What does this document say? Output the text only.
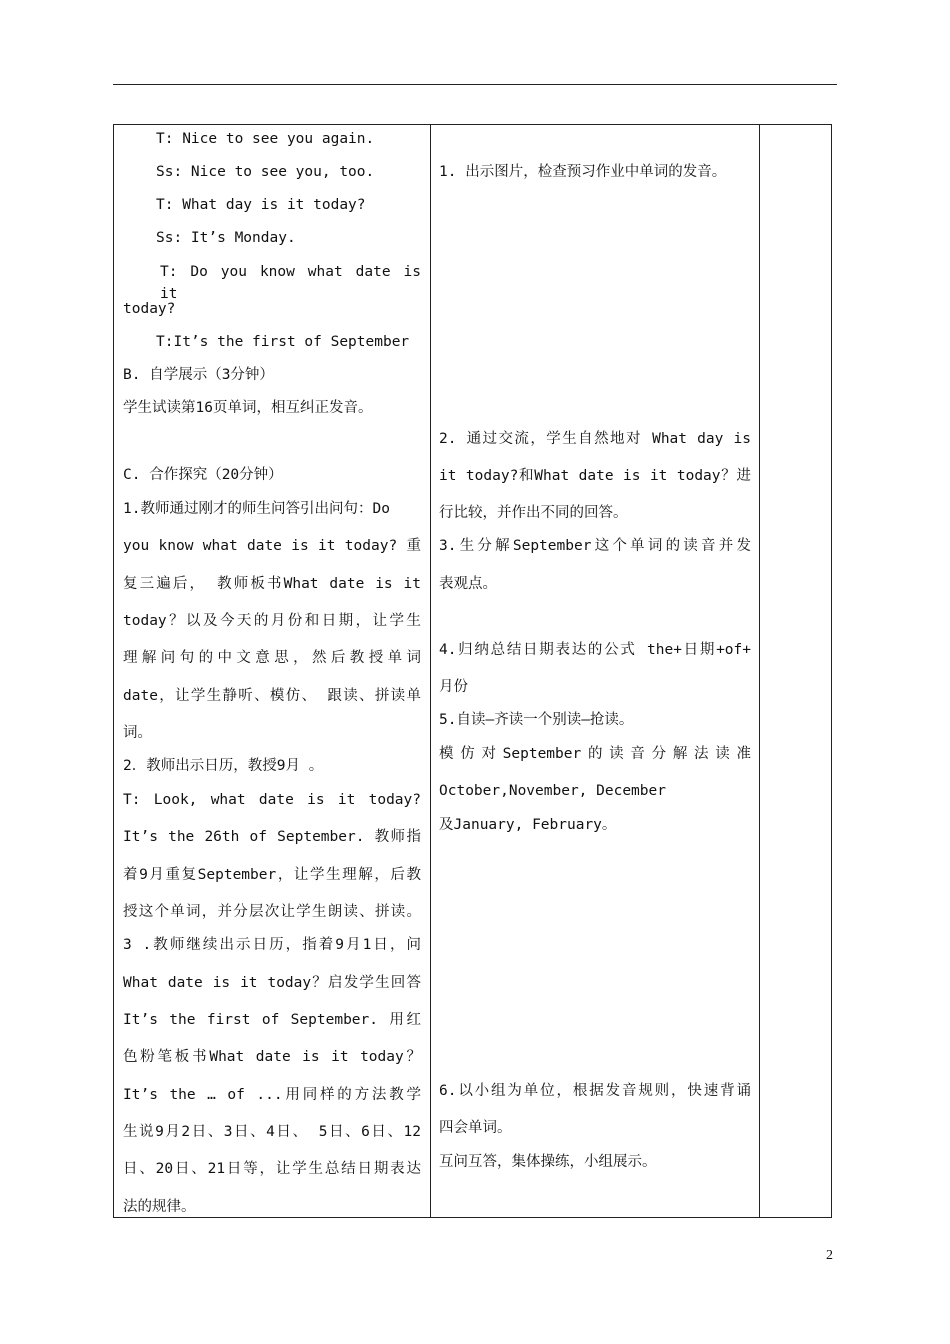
T: Nice to see you again.
Ss: Nice to see you, too.
T: What day is it today?
Ss: It’s Monday.
T: Do you know what date is it
today?
T:It’s the first of September
B. 自学展示（3分钟）
学生试读第16页单词，相互纠正发音。
C. 合作探究（20分钟）
1.教师通过刚才的师生问答引出问句：Do
you know what date is it today? 重
复三遍后， 教师板书What date is it
today？以及今天的月份和日期，让学生
理解问句的中文意思，然后教授单词
date，让学生静听、模仿、 跟读、拼读单
词。
2．教师出示日历，教授9月 。
T: Look, what date is it today?
It’s the 26th of September. 教师指
着9月重复September，让学生理解，后教
授这个单词，并分层次让学生朗读、拼读。
3 .教师继续出示日历，指着9月1日，问
What date is it today？启发学生回答
It’s the first of September. 用红
色粉笔板书What date is it today？
It’s the … of ...用同样的方法教学
生说9月2日、3日、4日、 5日、6日、12
日、20日、21日等，让学生总结日期表达
法的规律。
1. 出示图片，检查预习作业中单词的发音。
2. 通过交流，学生自然地对 What day is
it today?和What date is it today？进
行比较，并作出不同的回答。
3.生分解September这个单词的读音并发
表观点。
4.归纳总结日期表达的公式 the+日期+of+
月份
5.自读—齐读一个别读—抢读。
模仿对September的读音分解法读准
October,November, December
及January, February。
6.以小组为单位，根据发音规则，快速背诵
四会单词。
互问互答，集体操练，小组展示。
2
